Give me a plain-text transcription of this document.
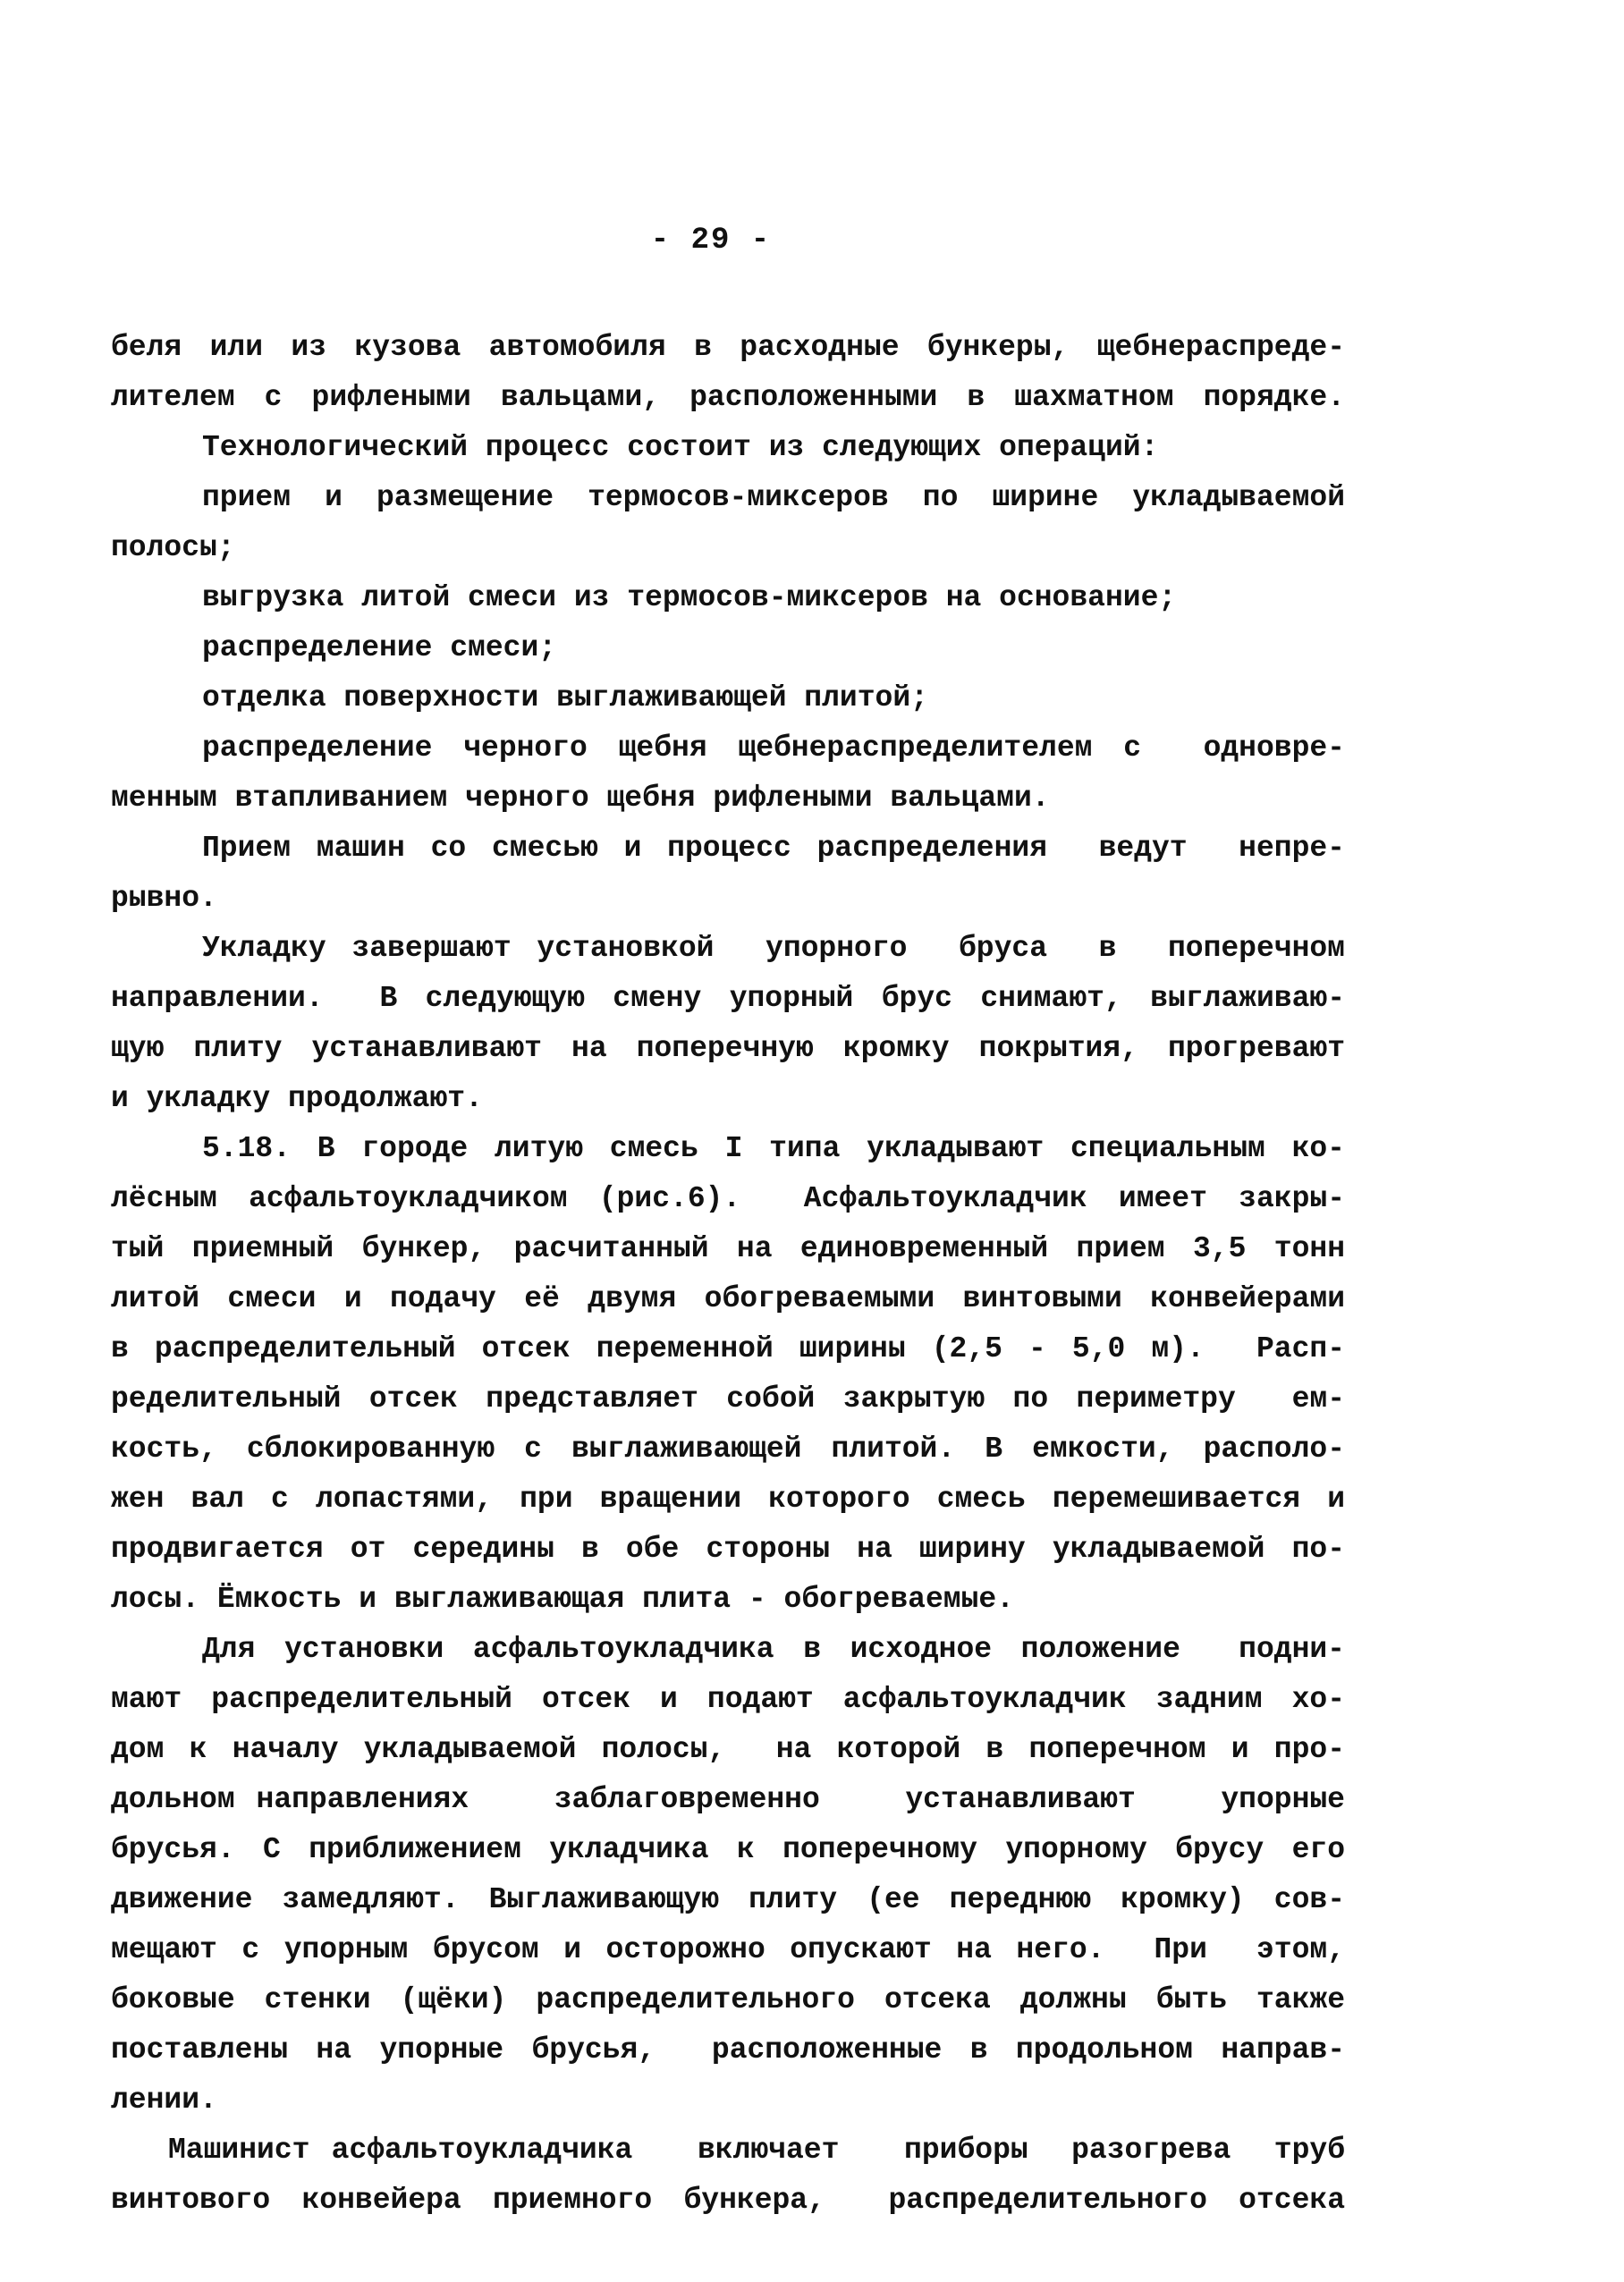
- 29 -
беля или из кузова автомобиля в расходные бункеры, щебнераспреде-
лителем с рифлеными вальцами, расположенными в шахматном порядке.
Технологический процесс состоит из следующих операций:
прием и размещение термосов-миксеров по ширине укладываемой
полосы;
выгрузка литой смеси из термосов-миксеров на основание;
распределение смеси;
отделка поверхности выглаживающей плитой;
распределение черного щебня щебнераспределителем с  одновре-
менным втапливанием черного щебня рифлеными вальцами.
Прием машин со смесью и процесс распределения  ведут  непре-
рывно.
Укладку завершают установкой  упорного  бруса  в  поперечном
направлении.  В следующую смену упорный брус снимают, выглаживаю-
щую плиту устанавливают на поперечную кромку покрытия, прогревают
и укладку продолжают.
5.18. В городе литую смесь I типа укладывают специальным ко-
лёсным асфальтоукладчиком (рис.6).  Асфальтоукладчик имеет закры-
тый приемный бункер, расчитанный на единовременный прием 3,5 тонн
литой смеси и подачу её двумя обогреваемыми винтовыми конвейерами
в распределительный отсек переменной ширины (2,5 - 5,0 м).  Расп-
ределительный отсек представляет собой закрытую по периметру  ем-
кость, сблокированную с выглаживающей плитой. В емкости, располо-
жен вал с лопастями, при вращении которого смесь перемешивается и
продвигается от середины в обе стороны на ширину укладываемой по-
лосы. Ёмкость и выглаживающая плита - обогреваемые.
Для установки асфальтоукладчика в исходное положение  подни-
мают распределительный отсек и подают асфальтоукладчик задним хо-
дом к началу укладываемой полосы,  на которой в поперечном и про-
дольном направлениях    заблаговременно    устанавливают    упорные
брусья. С приближением укладчика к поперечному упорному брусу его
движение замедляют. Выглаживающую плиту (ее переднюю кромку) сов-
мещают с упорным брусом и осторожно опускают на него.  При  этом,
боковые стенки (щёки) распределительного отсека должны быть также
поставлены на упорные брусья,  расположенные в продольном направ-
лении.
Машинист асфальтоукладчика   включает   приборы  разогрева  труб
винтового конвейера приемного бункера,  распределительного отсека
